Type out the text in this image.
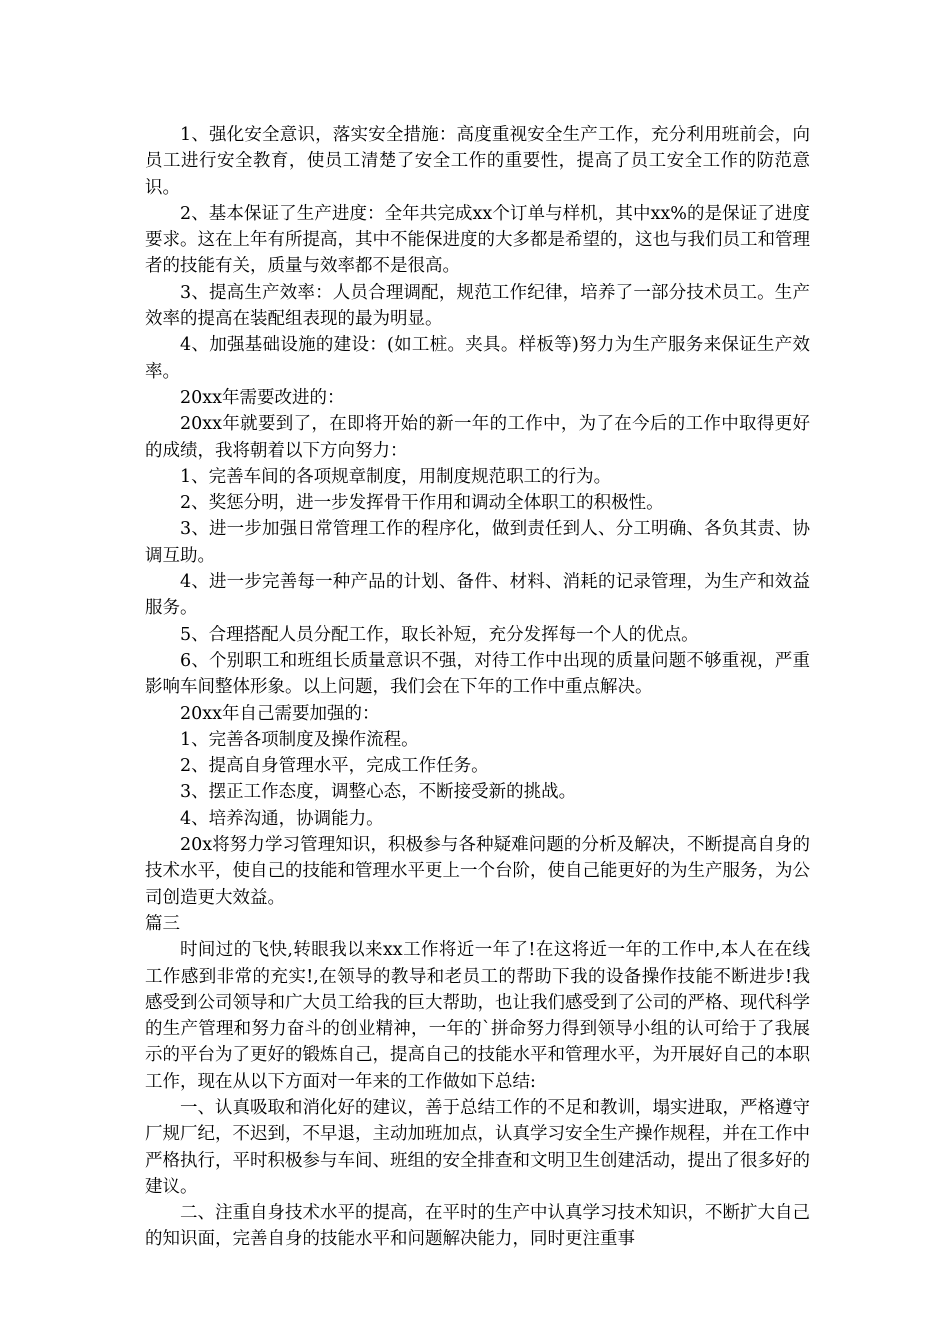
1、强化安全意识，落实安全措施：高度重视安全生产工作，充分利用班前会，向员工进行安全教育，使员工清楚了安全工作的重要性，提高了员工安全工作的防范意识。

2、基本保证了生产进度：全年共完成xx个订单与样机，其中xx%的是保证了进度要求。这在上年有所提高，其中不能保进度的大多都是希望的，这也与我们员工和管理者的技能有关，质量与效率都不是很高。

3、提高生产效率：人员合理调配，规范工作纪律，培养了一部分技术员工。生产效率的提高在装配组表现的最为明显。

4、加强基础设施的建设：(如工桩。夹具。样板等)努力为生产服务来保证生产效率。

20xx年需要改进的：

20xx年就要到了，在即将开始的新一年的工作中，为了在今后的工作中取得更好的成绩，我将朝着以下方向努力：

1、完善车间的各项规章制度，用制度规范职工的行为。

2、奖惩分明，进一步发挥骨干作用和调动全体职工的积极性。

3、进一步加强日常管理工作的程序化，做到责任到人、分工明确、各负其责、协调互助。

4、进一步完善每一种产品的计划、备件、材料、消耗的记录管理，为生产和效益服务。

5、合理搭配人员分配工作，取长补短，充分发挥每一个人的优点。

6、个别职工和班组长质量意识不强，对待工作中出现的质量问题不够重视，严重影响车间整体形象。以上问题，我们会在下年的工作中重点解决。

20xx年自己需要加强的：

1、完善各项制度及操作流程。

2、提高自身管理水平，完成工作任务。

3、摆正工作态度，调整心态，不断接受新的挑战。

4、培养沟通，协调能力。

20x将努力学习管理知识，积极参与各种疑难问题的分析及解决，不断提高自身的技术水平，使自己的技能和管理水平更上一个台阶，使自己能更好的为生产服务，为公司创造更大效益。

篇三

时间过的飞快,转眼我以来xx工作将近一年了!在这将近一年的工作中,本人在在线工作感到非常的充实!,在领导的教导和老员工的帮助下我的设备操作技能不断进步!我感受到公司领导和广大员工给我的巨大帮助，也让我们感受到了公司的严格、现代科学的生产管理和努力奋斗的创业精神，一年的`拼命努力得到领导小组的认可给于了我展示的平台为了更好的锻炼自己，提高自己的技能水平和管理水平，为开展好自己的本职工作，现在从以下方面对一年来的工作做如下总结:

一、认真吸取和消化好的建议，善于总结工作的不足和教训，塌实进取，严格遵守厂规厂纪，不迟到，不早退，主动加班加点，认真学习安全生产操作规程，并在工作中严格执行，平时积极参与车间、班组的安全排查和文明卫生创建活动，提出了很多好的建议。

二、注重自身技术水平的提高，在平时的生产中认真学习技术知识，不断扩大自己的知识面，完善自身的技能水平和问题解决能力，同时更注重事
